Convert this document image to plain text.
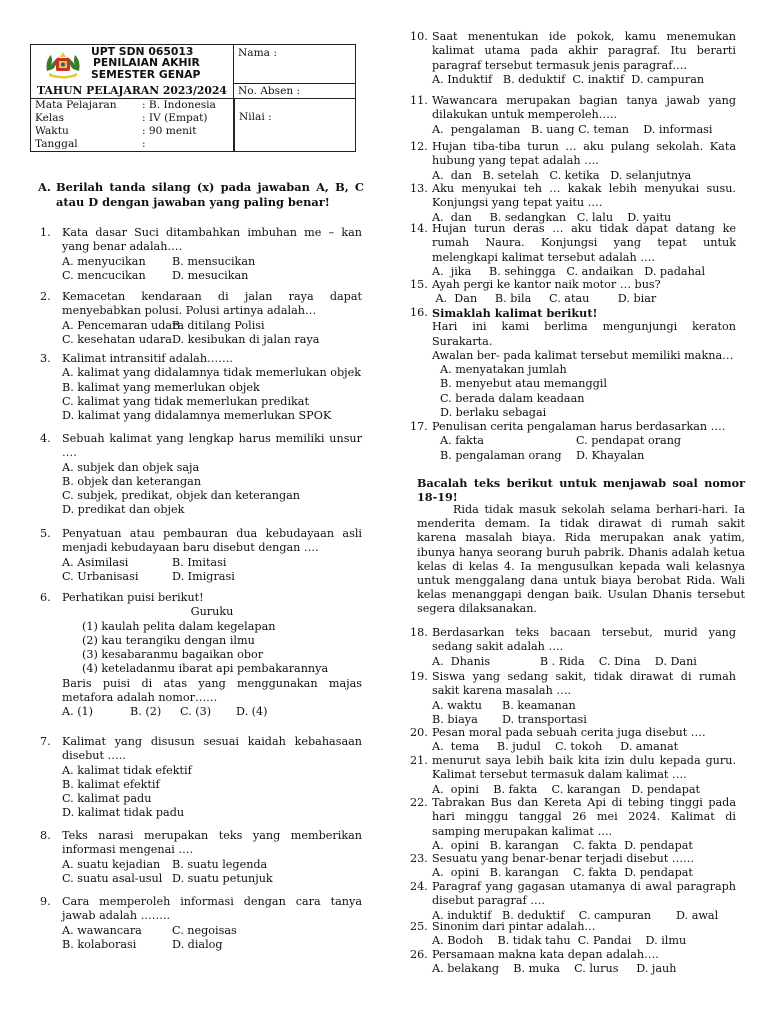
UPT SDN 065013
PENILAIAN AKHIR
SEMESTER GENAP
Nama :
TAHUN PELAJARAN 2023/2024	No. Absen :
Mata Pelajaran	: B. Indonesia
Kelas	: IV (Empat)
Waktu	: 90 menit
Tanggal	:
Nilai :
A. Berilah tanda silang (x) pada jawaban A, B, C atau D dengan jawaban yang paling benar!
1. Kata dasar Suci ditambahkan imbuhan me – kan yang benar adalah….
A. menyucikan	B. mensucikan
C. mencucikan	D. mesucikan
2. Kemacetan kendaraan di jalan raya dapat menyebabkan polusi. Polusi artinya adalah…
A. Pencemaran udara
B. ditilang Polisi
C. kesehatan udara D. kesibukan di jalan raya
3. Kalimat intransitif adalah…….
A. kalimat yang didalamnya tidak memerlukan objek
B. kalimat yang memerlukan objek
C. kalimat yang tidak memerlukan predikat
D. kalimat yang didalamnya memerlukan SPOK
4. Sebuah kalimat yang lengkap harus memiliki unsur ….
A. subjek dan objek saja
B. objek dan keterangan
C. subjek, predikat, objek dan keterangan
D. predikat dan objek
5. Penyatuan atau pembauran dua kebudayaan asli menjadi kebudayaan baru disebut dengan ….
A. Asimilasi	B. Imitasi
C. Urbanisasi	D. Imigrasi
6. Perhatikan puisi berikut!
Guruku
(1) kaulah pelita dalam kegelapan
(2) kau terangiku dengan ilmu
(3) kesabaranmu bagaikan obor
(4) keteladanmu ibarat api pembakarannya
Baris puisi di atas yang menggunakan majas metafora adalah nomor……
A. (1)	B. (2)	C. (3)	D. (4)
7. Kalimat yang disusun sesuai kaidah kebahasaan disebut …..
A. kalimat tidak efektif
B. kalimat efektif
C. kalimat padu
D. kalimat tidak padu
8. Teks narasi merupakan teks yang memberikan informasi mengenai ….
A. suatu kejadian	B. suatu legenda
C. suatu asal-usul D. suatu petunjuk
9. Cara memperoleh informasi dengan cara tanya jawab adalah ……..
A. wawancara	C. negoisas
B. kolaborasi	D. dialog
10. Saat menentukan ide pokok, kamu menemukan kalimat utama pada akhir paragraf. Itu berarti paragraf tersebut termasuk jenis paragraf….
A. Induktif   B. deduktif  C. inaktif  D. campuran
11. Wawancara merupakan bagian tanya jawab yang dilakukan untuk memperoleh…..
A.  pengalaman   B. uang C. teman    D. informasi
12. Hujan tiba-tiba turun … aku pulang sekolah. Kata hubung yang tepat adalah ….
A.  dan   B. setelah   C. ketika   D. selanjutnya
13. Aku menyukai teh … kakak lebih menyukai susu. Konjungsi yang tepat yaitu ….
A.  dan     B. sedangkan   C. lalu    D. yaitu
14. Hujan turun deras … aku tidak dapat datang ke rumah Naura. Konjungsi yang tepat untuk melengkapi kalimat tersebut adalah ….
A.  jika     B. sehingga   C. andaikan   D. padahal
15. Ayah pergi ke kantor naik motor … bus?
A.  Dan     B. bila     C. atau        D. biar
16. Simaklah kalimat berikut!
Hari ini kami berlima mengunjungi keraton Surakarta.
Awalan ber- pada kalimat tersebut memiliki makna…
A. menyatakan jumlah
B. menyebut atau memanggil
C. berada dalam keadaan
D. berlaku sebagai
17. Penulisan cerita pengalaman harus berdasarkan ….
A. fakta	C. pendapat orang
B. pengalaman orang	D. Khayalan
Bacalah teks berikut untuk menjawab soal nomor 18-19!
Rida tidak masuk sekolah selama berhari-hari. Ia menderita demam. Ia tidak dirawat di rumah sakit karena masalah biaya. Rida merupakan anak yatim, ibunya hanya seorang buruh pabrik. Dhanis adalah ketua kelas di kelas 4. Ia mengusulkan kepada wali kelasnya untuk menggalang dana untuk biaya berobat Rida. Wali kelas menanggapi dengan baik. Usulan Dhanis tersebut segera dilaksanakan.
18. Berdasarkan teks bacaan tersebut, murid yang sedang sakit adalah ….
A.  Dhanis              B . Rida    C. Dina    D. Dani
19. Siswa yang sedang sakit, tidak dirawat di rumah sakit karena masalah ….
A. waktu	B. keamanan
B. biaya	D. transportasi
20. Pesan moral pada sebuah cerita juga disebut ….
A.  tema     B. judul    C. tokoh     D. amanat
21. menurut saya lebih baik kita izin dulu kepada guru. Kalimat tersebut termasuk dalam kalimat ….
A.  opini    B. fakta    C. karangan   D. pendapat
22. Tabrakan Bus dan Kereta Api di tebing tinggi pada hari minggu tanggal 26 mei 2024. Kalimat di samping merupakan kalimat ….
A.  opini   B. karangan    C. fakta  D. pendapat
23. Sesuatu yang benar-benar terjadi disebut ……
A.  opini   B. karangan    C. fakta  D. pendapat
24. Paragraf yang gagasan utamanya di awal paragraph disebut paragraf ….
A. induktif   B. deduktif    C. campuran       D. awal
25. Sinonim dari pintar adalah…
A. Bodoh    B. tidak tahu  C. Pandai    D. ilmu
26. Persamaan makna kata depan adalah….
A. belakang    B. muka    C. lurus     D. jauh
